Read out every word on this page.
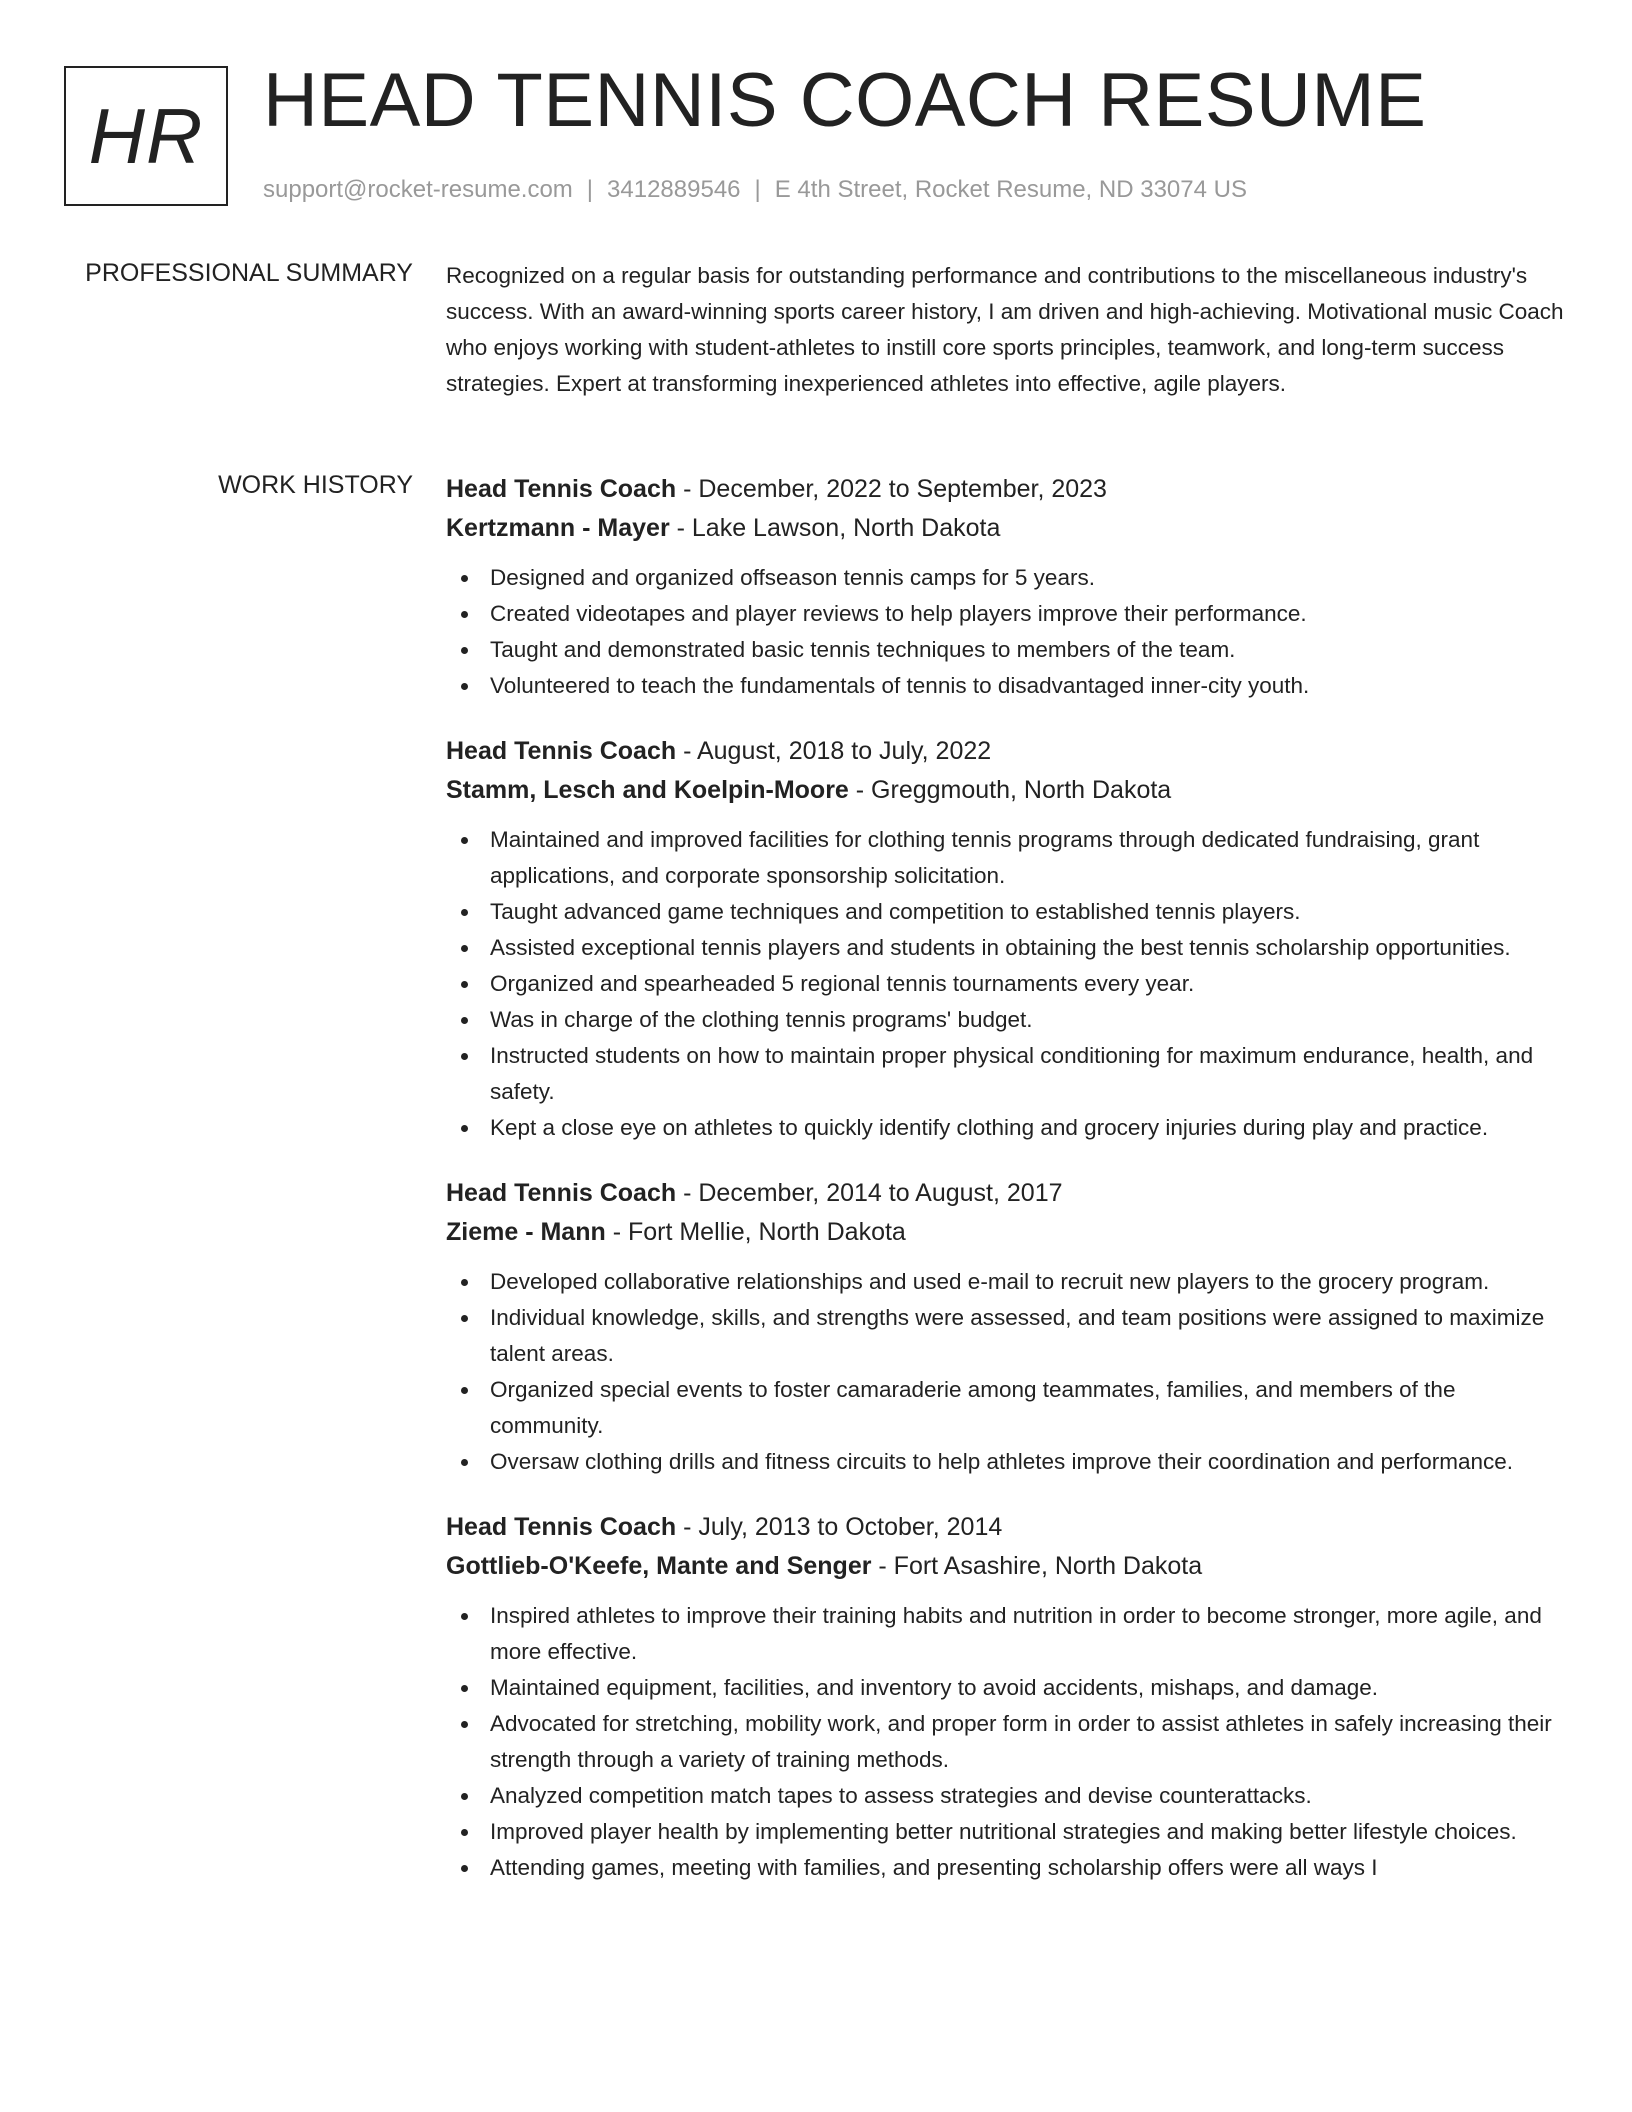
HR HEAD TENNIS COACH RESUME
support@rocket-resume.com | 3412889546 | E 4th Street, Rocket Resume, ND 33074 US
PROFESSIONAL SUMMARY Recognized on a regular basis for outstanding performance and contributions to the miscellaneous industry's success. With an award-winning sports career history, I am driven and high-achieving. Motivational music Coach who enjoys working with student-athletes to instill core sports principles, teamwork, and long-term success strategies. Expert at transforming inexperienced athletes into effective, agile players.

WORK HISTORY Head Tennis Coach - December, 2022 to September, 2023
Kertzmann - Mayer - Lake Lawson, North Dakota
Designed and organized offseason tennis camps for 5 years.
Created videotapes and player reviews to help players improve their performance.
Taught and demonstrated basic tennis techniques to members of the team.
Volunteered to teach the fundamentals of tennis to disadvantaged inner-city youth.
Head Tennis Coach - August, 2018 to July, 2022
Stamm, Lesch and Koelpin-Moore - Greggmouth, North Dakota
Maintained and improved facilities for clothing tennis programs through dedicated fundraising, grant applications, and corporate sponsorship solicitation.
Taught advanced game techniques and competition to established tennis players.
Assisted exceptional tennis players and students in obtaining the best tennis scholarship opportunities.
Organized and spearheaded 5 regional tennis tournaments every year.
Was in charge of the clothing tennis programs' budget.
Instructed students on how to maintain proper physical conditioning for maximum endurance, health, and safety.
Kept a close eye on athletes to quickly identify clothing and grocery injuries during play and practice.
Head Tennis Coach - December, 2014 to August, 2017
Zieme - Mann - Fort Mellie, North Dakota
Developed collaborative relationships and used e-mail to recruit new players to the grocery program.
Individual knowledge, skills, and strengths were assessed, and team positions were assigned to maximize talent areas.
Organized special events to foster camaraderie among teammates, families, and members of the community.
Oversaw clothing drills and fitness circuits to help athletes improve their coordination and performance.
Head Tennis Coach - July, 2013 to October, 2014
Gottlieb-O'Keefe, Mante and Senger - Fort Asashire, North Dakota
Inspired athletes to improve their training habits and nutrition in order to become stronger, more agile, and more effective.
Maintained equipment, facilities, and inventory to avoid accidents, mishaps, and damage.
Advocated for stretching, mobility work, and proper form in order to assist athletes in safely increasing their strength through a variety of training methods.
Analyzed competition match tapes to assess strategies and devise counterattacks.
Improved player health by implementing better nutritional strategies and making better lifestyle choices.
Attending games, meeting with families, and presenting scholarship offers were all ways I
